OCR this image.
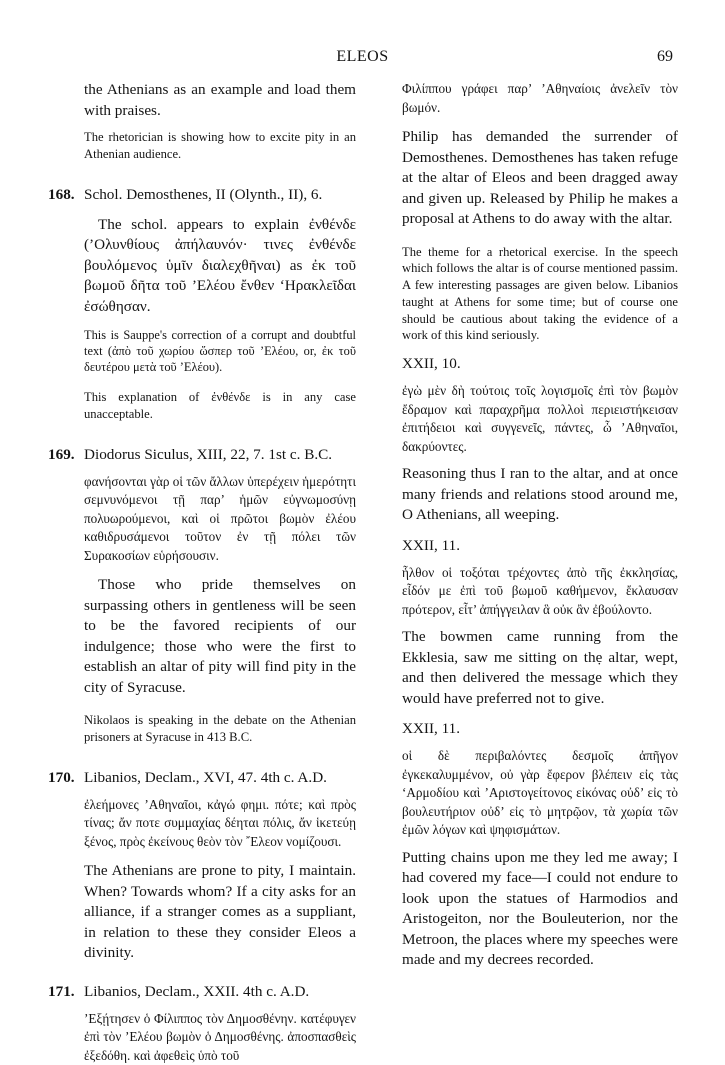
ELEOS	69

the Athenians as an example and load them with praises.

The rhetorician is showing how to excite pity in an Athenian audience.

168. Schol. Demosthenes, II (Olynth., II), 6.

The schol. appears to explain ἐνθένδε (’Ολυνθίους ἀπήλαυνόν· τινες ἐνθένδε βουλόμενος ὑμῖν διαλεχθῆναι) as ἐκ τοῦ βωμοῦ δῆτα τοῦ ’Ελέου ἔνθεν ‘Ηρακλεῖδαι ἐσώθησαν.

This is Sauppe's correction of a corrupt and doubtful text (ἀπὸ τοῦ χωρίου ὥσπερ τοῦ ’Ελέου, or, ἐκ τοῦ δευτέρου μετὰ τοῦ ’Ελέου).

This explanation of ἐνθένδε is in any case unacceptable.

169. Diodorus Siculus, XIII, 22, 7. 1st c. B.C.

φανήσονται γὰρ οἱ τῶν ἄλλων ὑπερέχειν ἡμερότητι σεμνυνόμενοι τῇ παρ’ ἡμῶν εὐγνωμοσύνῃ πολυωρούμενοι, καὶ οἱ πρῶτοι βωμὸν ἐλέου καθιδρυσάμενοι τοῦτον ἐν τῇ πόλει τῶν Συρακοσίων εὑρήσουσιν.

Those who pride themselves on surpassing others in gentleness will be seen to be the favored recipients of our indulgence; those who were the first to establish an altar of pity will find pity in the city of Syracuse.

Nikolaos is speaking in the debate on the Athenian prisoners at Syracuse in 413 B.C.

170. Libanios, Declam., XVI, 47. 4th c. A.D.

ἐλεήμονες ’Αθηναῖοι, κἀγώ φημι. πότε; καὶ πρὸς τίνας; ἄν ποτε συμμαχίας δέηται πόλις, ἄν ἱκετεύῃ ξένος, πρὸς ἐκείνους θεὸν τὸν ῎Ελεον νομίζουσι.

The Athenians are prone to pity, I maintain. When? Towards whom? If a city asks for an alliance, if a stranger comes as a suppliant, in relation to these they consider Eleos a divinity.

171. Libanios, Declam., XXII. 4th c. A.D.

’Εξῄτησεν ὁ Φίλιππος τὸν Δημοσθένην. κατέφυγεν ἐπὶ τὸν ’Ελέου βωμὸν ὁ Δημοσθένης. ἀποσπασθεὶς ἐξεδόθη. καὶ ἀφεθεὶς ὑπὸ τοῦ

Φιλίππου γράφει παρ’ ’Αθηναίοις ἀνελεῖν τὸν βωμόν.

Philip has demanded the surrender of Demosthenes. Demosthenes has taken refuge at the altar of Eleos and been dragged away and given up. Released by Philip he makes a proposal at Athens to do away with the altar.

The theme for a rhetorical exercise. In the speech which follows the altar is of course mentioned passim. A few interesting passages are given below. Libanios taught at Athens for some time; but of course one should be cautious about taking the evidence of a work of this kind seriously.

XXII, 10.

ἐγὼ μὲν δὴ τούτοις τοῖς λογισμοῖς ἐπὶ τὸν βωμὸν ἔδραμον καὶ παραχρῆμα πολλοὶ περιειστήκεισαν ἐπιτήδειοι καὶ συγγενεῖς, πάντες, ὦ ’Αθηναῖοι, δακρύοντες.

Reasoning thus I ran to the altar, and at once many friends and relations stood around me, O Athenians, all weeping.

XXII, 11.

ἦλθον οἱ τοξόται τρέχοντες ἀπὸ τῆς ἐκκλησίας, εἶδόν με ἐπὶ τοῦ βωμοῦ καθήμενον, ἔκλαυσαν πρότερον, εἶτ’ ἀπήγγειλαν ἃ οὐκ ἂν ἐβούλοντο.

The bowmen came running from the Ekklesia, saw me sitting on thẹ altar, wept, and then delivered the message which they would have preferred not to give.

XXII, 11.

οἱ δὲ περιβαλόντες δεσμοῖς ἀπῆγον ἐγκεκαλυμμένον, οὐ γὰρ ἔφερον βλέπειν εἰς τὰς ‘Αρμοδίου καὶ ’Αριστογείτονος εἰκόνας οὐδ’ εἰς τὸ βουλευτήριον οὐδ’ εἰς τὸ μητρῷον, τὰ χωρία τῶν ἐμῶν λόγων καὶ ψηφισμάτων.

Putting chains upon me they led me away; I had covered my face—I could not endure to look upon the statues of Harmodios and Aristogeiton, nor the Bouleuterion, nor the Metroon, the places where my speeches were made and my decrees recorded.
